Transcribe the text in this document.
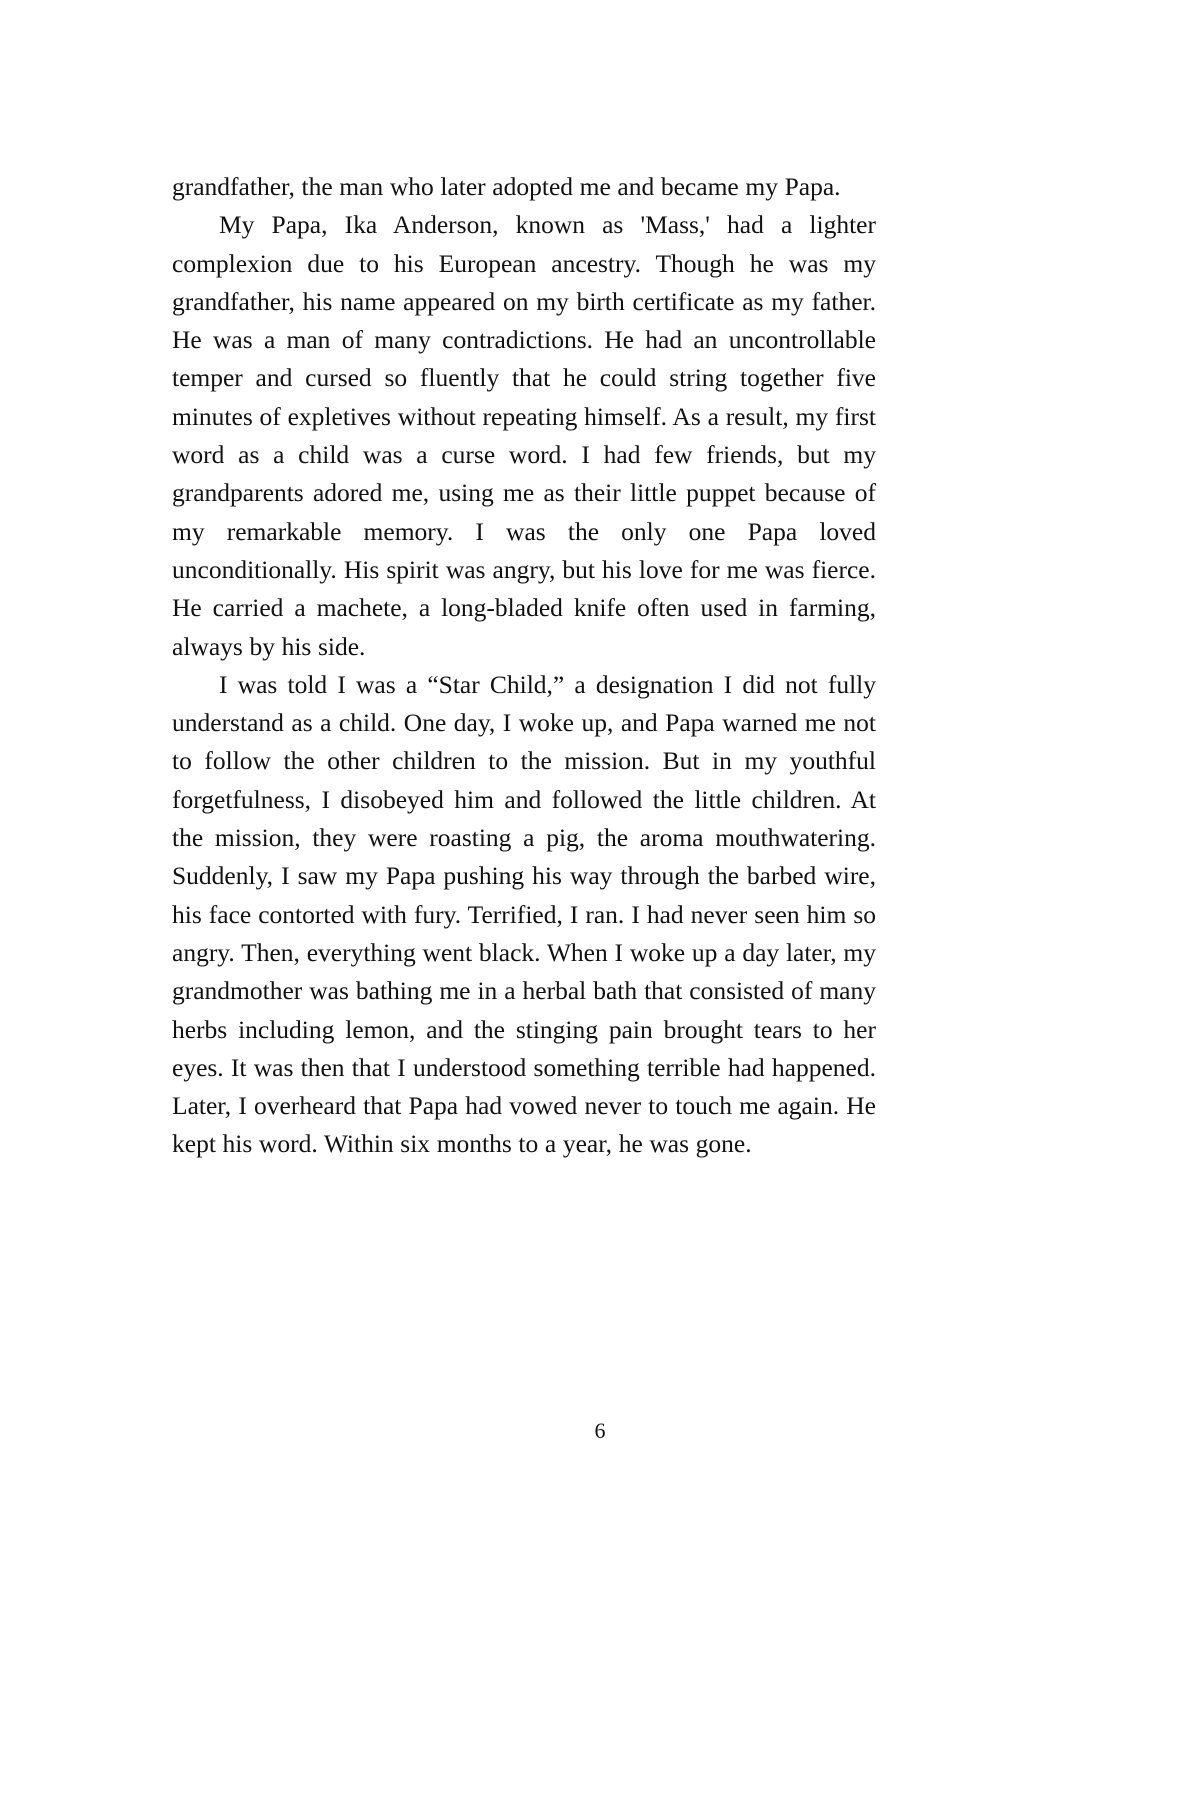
grandfather, the man who later adopted me and became my Papa.

My Papa, Ika Anderson, known as 'Mass,' had a lighter complexion due to his European ancestry. Though he was my grandfather, his name appeared on my birth certificate as my father. He was a man of many contradictions. He had an uncontrollable temper and cursed so fluently that he could string together five minutes of expletives without repeating himself. As a result, my first word as a child was a curse word. I had few friends, but my grandparents adored me, using me as their little puppet because of my remarkable memory. I was the only one Papa loved unconditionally. His spirit was angry, but his love for me was fierce. He carried a machete, a long-bladed knife often used in farming, always by his side.

I was told I was a “Star Child,” a designation I did not fully understand as a child. One day, I woke up, and Papa warned me not to follow the other children to the mission. But in my youthful forgetfulness, I disobeyed him and followed the little children. At the mission, they were roasting a pig, the aroma mouthwatering. Suddenly, I saw my Papa pushing his way through the barbed wire, his face contorted with fury. Terrified, I ran. I had never seen him so angry. Then, everything went black. When I woke up a day later, my grandmother was bathing me in a herbal bath that consisted of many herbs including lemon, and the stinging pain brought tears to her eyes. It was then that I understood something terrible had happened. Later, I overheard that Papa had vowed never to touch me again. He kept his word. Within six months to a year, he was gone.

6
